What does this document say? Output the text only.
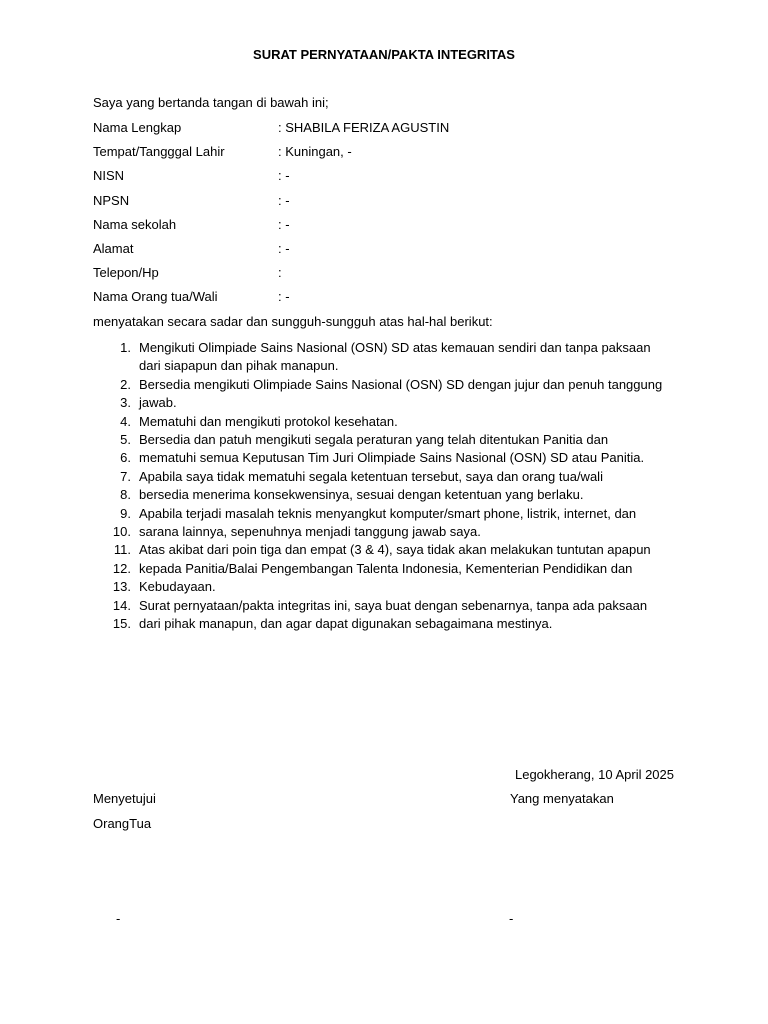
SURAT PERNYATAAN/PAKTA INTEGRITAS
Saya yang bertanda tangan di bawah ini;
Nama Lengkap	: SHABILA FERIZA AGUSTIN
Tempat/Tangggal Lahir	: Kuningan, -
NISN	: -
NPSN	: -
Nama sekolah	: -
Alamat	: -
Telepon/Hp	:
Nama Orang tua/Wali	: -
menyatakan secara sadar dan sungguh-sungguh atas hal-hal berikut:
1. Mengikuti Olimpiade Sains Nasional (OSN) SD atas kemauan sendiri dan tanpa paksaan
dari siapapun dan pihak manapun.
2. Bersedia mengikuti Olimpiade Sains Nasional (OSN) SD dengan jujur dan penuh tanggung
3. jawab.
4. Mematuhi dan mengikuti protokol kesehatan.
5. Bersedia dan patuh mengikuti segala peraturan yang telah ditentukan Panitia dan
6. mematuhi semua Keputusan Tim Juri Olimpiade Sains Nasional (OSN) SD atau Panitia.
7. Apabila saya tidak mematuhi segala ketentuan tersebut, saya dan orang tua/wali
8. bersedia menerima konsekwensinya, sesuai dengan ketentuan yang berlaku.
9. Apabila terjadi masalah teknis menyangkut komputer/smart phone, listrik, internet, dan
10. sarana lainnya, sepenuhnya menjadi tanggung jawab saya.
11. Atas akibat dari poin tiga dan empat (3 & 4), saya tidak akan melakukan tuntutan apapun
12. kepada Panitia/Balai Pengembangan Talenta Indonesia, Kementerian Pendidikan dan
13. Kebudayaan.
14. Surat pernyataan/pakta integritas ini, saya buat dengan sebenarnya, tanpa ada paksaan
15. dari pihak manapun, dan agar dapat digunakan sebagaimana mestinya.
Legokherang, 10 April 2025
Menyetujui	Yang menyatakan
OrangTua
-	-
